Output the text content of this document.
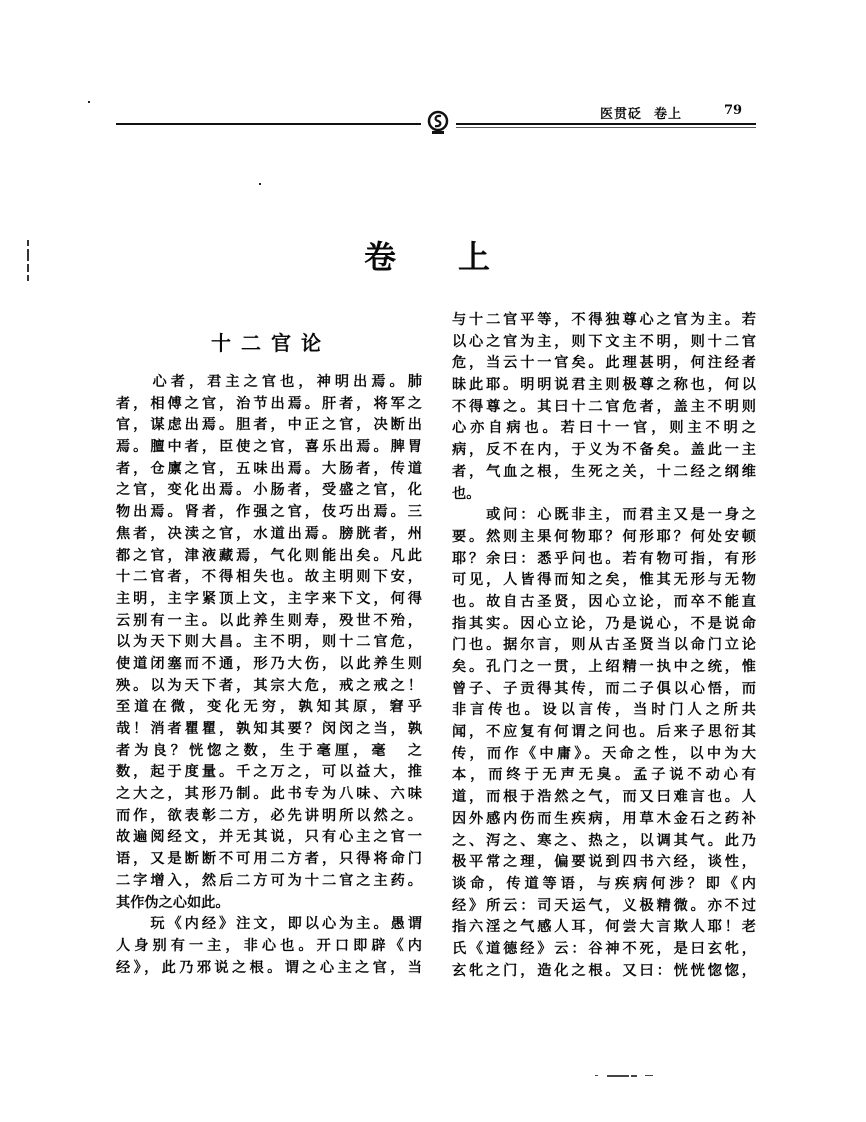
医贯砭 卷上	79
卷 上
十二官论
　　心者，君主之官也，神明出焉。肺
者，相傅之官，治节出焉。肝者，将军之
官，谋虑出焉。胆者，中正之官，决断出
焉。膻中者，臣使之官，喜乐出焉。脾胃
者，仓廪之官，五味出焉。大肠者，传道
之官，变化出焉。小肠者，受盛之官，化
物出焉。肾者，作强之官，伎巧出焉。三
焦者，决渎之官，水道出焉。膀胱者，州
都之官，津液藏焉，气化则能出矣。凡此
十二官者，不得相失也。故主明则下安，
主明，主字紧顶上文，主字来下文，何得
云别有一主。以此养生则寿，殁世不殆，
以为天下则大昌。主不明，则十二官危，
使道闭塞而不通，形乃大伤，以此养生则
殃。以为天下者，其宗大危，戒之戒之！
至道在微，变化无穷，孰知其原，窘乎
哉！消者瞿瞿，孰知其要？闵闵之当，孰
者为良？恍惚之数，生于毫厘，毫　之
数，起于度量。千之万之，可以益大，推
之大之，其形乃制。此书专为八味、六味
而作，欲表彰二方，必先讲明所以然之。
故遍阅经文，并无其说，只有心主之官一
语，又是断断不可用二方者，只得将命门
二字增入，然后二方可为十二官之主药。
其作伪之心如此。
　　玩《内经》注文，即以心为主。愚谓
人身别有一主，非心也。开口即辟《内
经》，此乃邪说之根。谓之心主之官，当
与十二官平等，不得独尊心之官为主。若
以心之官为主，则下文主不明，则十二官
危，当云十一官矣。此理甚明，何注经者
昧此耶。明明说君主则极尊之称也，何以
不得尊之。其曰十二官危者，盖主不明则
心亦自病也。若曰十一官，则主不明之
病，反不在内，于义为不备矣。盖此一主
者，气血之根，生死之关，十二经之纲维
也。
　　或问：心既非主，而君主又是一身之
要。然则主果何物耶？何形耶？何处安顿
耶？余曰：悉乎问也。若有物可指，有形
可见，人皆得而知之矣，惟其无形与无物
也。故自古圣贤，因心立论，而卒不能直
指其实。因心立论，乃是说心，不是说命
门也。据尔言，则从古圣贤当以命门立论
矣。孔门之一贯，上绍精一执中之统，惟
曾子、子贡得其传，而二子俱以心悟，而
非言传也。设以言传，当时门人之所共
闻，不应复有何谓之问也。后来子思衍其
传，而作《中庸》。天命之性，以中为大
本，而终于无声无臭。孟子说不动心有
道，而根于浩然之气，而又曰难言也。人
因外感内伤而生疾病，用草木金石之药补
之、泻之、寒之、热之，以调其气。此乃
极平常之理，偏要说到四书六经，谈性，
谈命，传道等语，与疾病何涉？即《内
经》所云：司天运气，义极精微。亦不过
指六淫之气感人耳，何尝大言欺人耶！老
氏《道德经》云：谷神不死，是曰玄牝，
玄牝之门，造化之根。又曰：恍恍惚惚，
